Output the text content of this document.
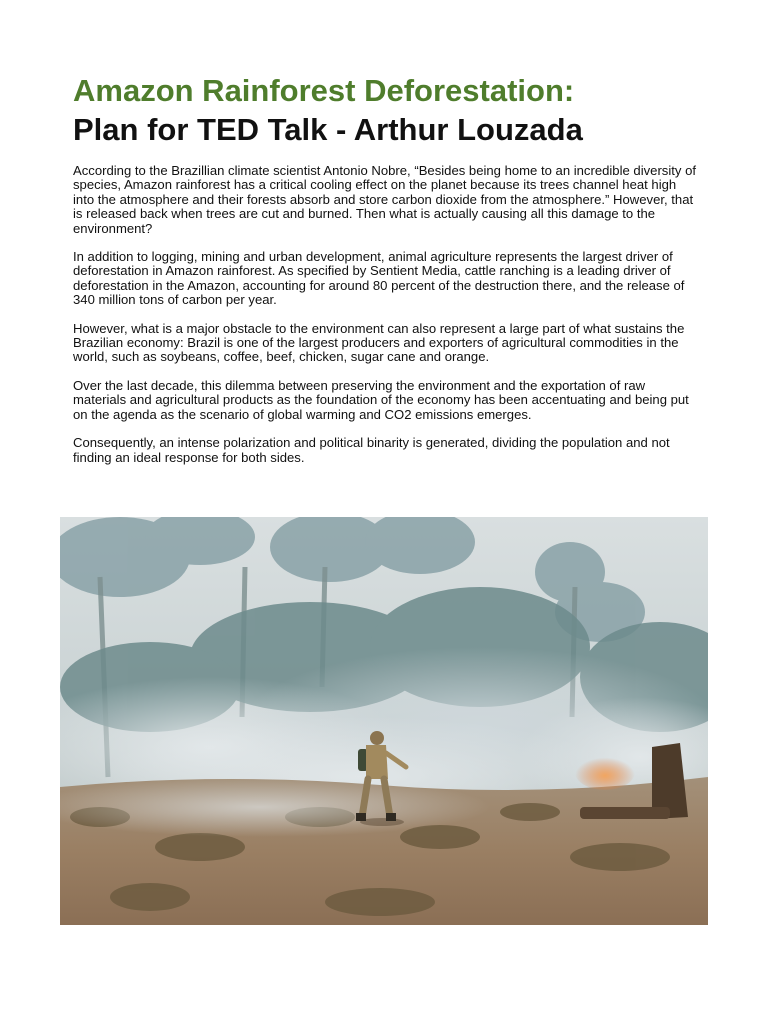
Amazon Rainforest Deforestation:
Plan for TED Talk - Arthur Louzada

According to the Brazillian climate scientist Antonio Nobre, “Besides being home to an incredible diversity of species, Amazon rainforest has a critical cooling effect on the planet because its trees channel heat high into the atmosphere and their forests absorb and store carbon dioxide from the atmosphere.” However, that is released back when trees are cut and burned. Then what is actually causing all this damage to the environment?

In addition to logging, mining and urban development, animal agriculture represents the largest driver of deforestation in Amazon rainforest. As specified by Sentient Media, cattle ranching is a leading driver of deforestation in the Amazon, accounting for around 80 percent of the destruction there, and the release of 340 million tons of carbon per year.

However, what is a major obstacle to the environment can also represent a large part of what sustains the Brazilian economy: Brazil is one of the largest producers and exporters of agricultural commodities in the world, such as soybeans, coffee, beef, chicken, sugar cane and orange.

Over the last decade, this dilemma between preserving the environment and the exportation of raw materials and agricultural products as the foundation of the economy has been accentuating and being put on the agenda as the scenario of global warming and CO2 emissions emerges.

Consequently, an intense polarization and political binarity is generated, dividing the population and not finding an ideal response for both sides.
